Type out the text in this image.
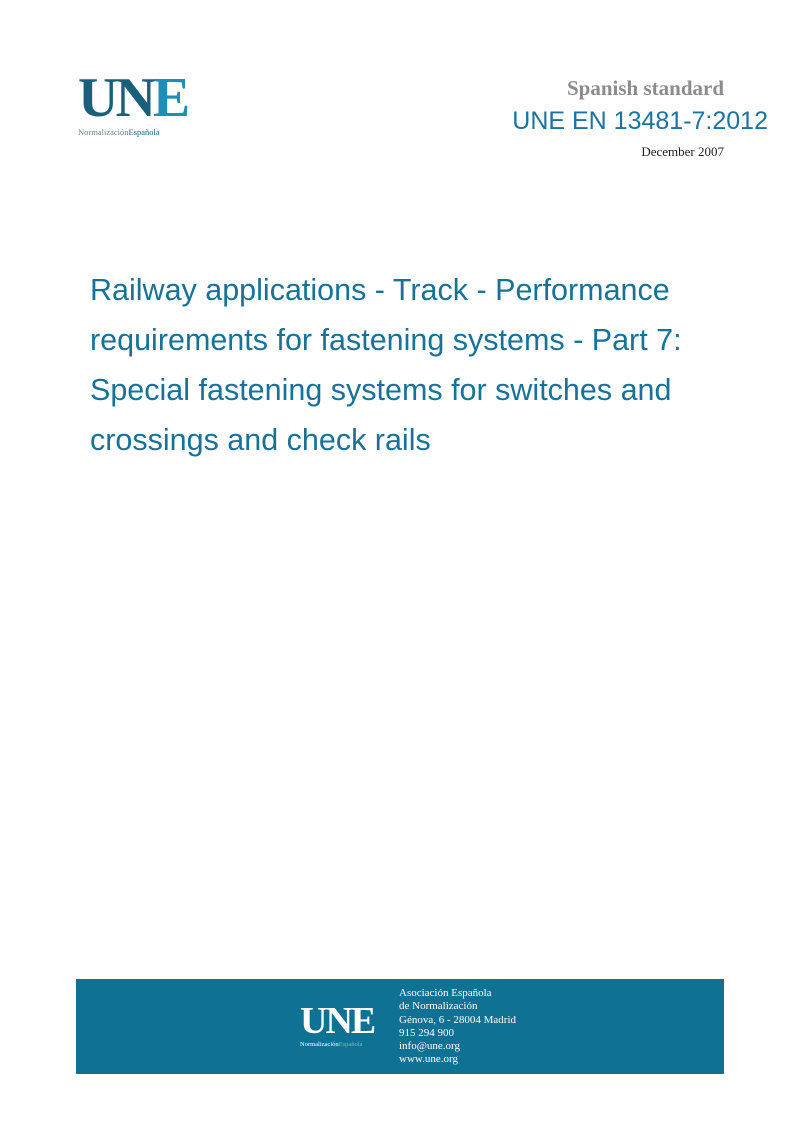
UNE
NormalizaciónEspañola
Spanish standard
UNE EN 13481-7:2012
December 2007
Railway applications - Track - Performance requirements for fastening systems - Part 7: Special fastening systems for switches and crossings and check rails
UNE
NormalizaciónEspañola
Asociación Española
de Normalización
Génova, 6 - 28004 Madrid
915 294 900
info@une.org
www.une.org
